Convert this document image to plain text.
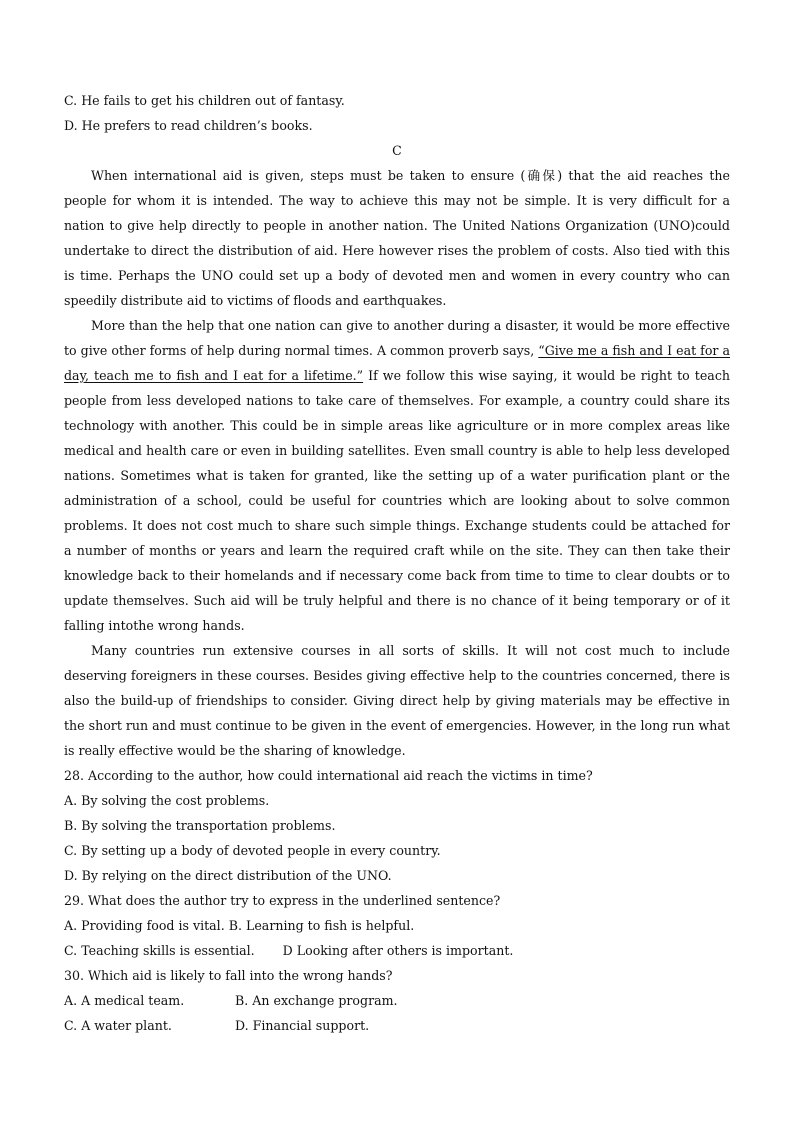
C. He fails to get his children out of fantasy.
D. He prefers to read children’s books.
C
When international aid is given, steps must be taken to ensure (确保) that the aid reaches the people for whom it is intended. The way to achieve this may not be simple. It is very difficult for a nation to give help directly to people in another nation. The United Nations Organization (UNO)could undertake to direct the distribution of aid. Here however rises the problem of costs. Also tied with this is time. Perhaps the UNO could set up a body of devoted men and women in every country who can speedily distribute aid to victims of floods and earthquakes.
More than the help that one nation can give to another during a disaster, it would be more effective to give other forms of help during normal times. A common proverb says, “Give me a fish and I eat for a day, teach me to fish and I eat for a lifetime.” If we follow this wise saying, it would be right to teach people from less developed nations to take care of themselves. For example, a country could share its technology with another. This could be in simple areas like agriculture or in more complex areas like medical and health care or even in building satellites. Even small country is able to help less developed nations. Sometimes what is taken for granted, like the setting up of a water purification plant or the administration of a school, could be useful for countries which are looking about to solve common problems. It does not cost much to share such simple things. Exchange students could be attached for a number of months or years and learn the required craft while on the site. They can then take their knowledge back to their homelands and if necessary come back from time to time to clear doubts or to update themselves. Such aid will be truly helpful and there is no chance of it being temporary or of it falling intothe wrong hands.
Many countries run extensive courses in all sorts of skills. It will not cost much to include deserving foreigners in these courses. Besides giving effective help to the countries concerned, there is also the build-up of friendships to consider. Giving direct help by giving materials may be effective in the short run and must continue to be given in the event of emergencies. However, in the long run what is really effective would be the sharing of knowledge.
28. According to the author, how could international aid reach the victims in time?
A. By solving the cost problems.
B. By solving the transportation problems.
C. By setting up a body of devoted people in every country.
D. By relying on the direct distribution of the UNO.
29. What does the author try to express in the underlined sentence?
A. Providing food is vital. B. Learning to fish is helpful.
C. Teaching skills is essential. D Looking after others is important.
30. Which aid is likely to fall into the wrong hands?
A. A medical team.	B. An exchange program.
C. A water plant.	D. Financial support.
